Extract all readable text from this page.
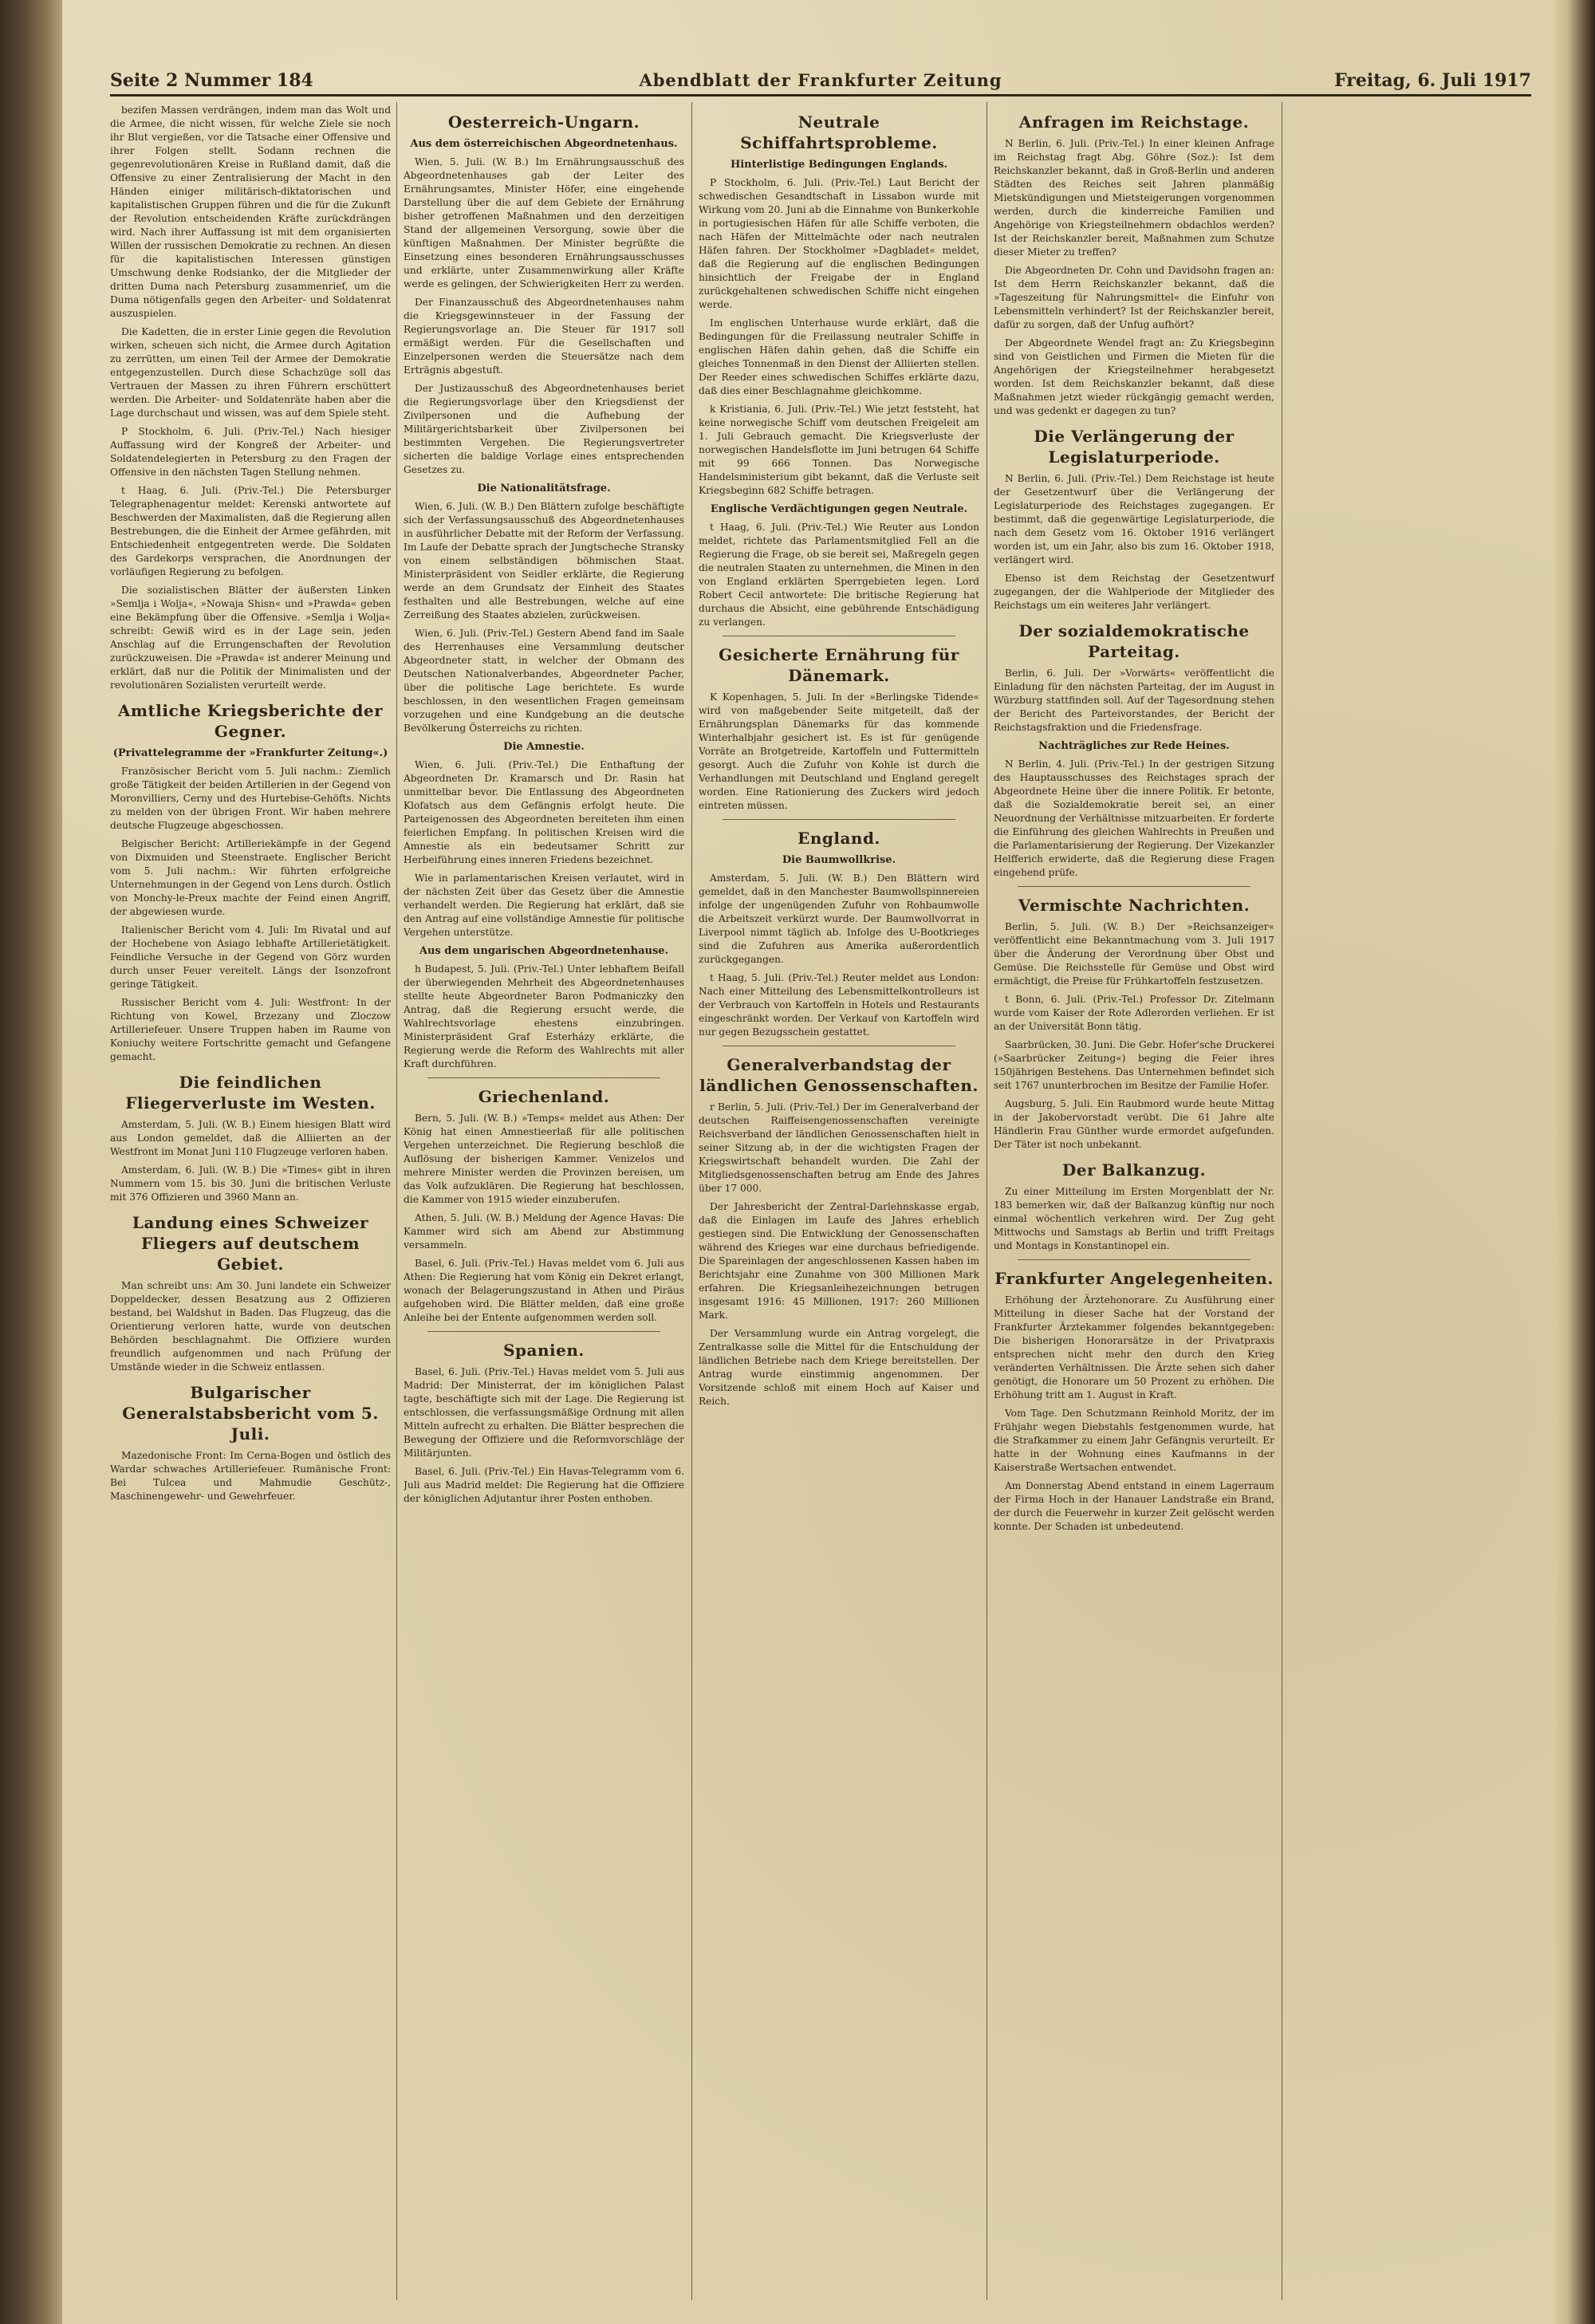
Seite 2 Nummer 184	Abendblatt der Frankfurter Zeitung	Freitag, 6. Juli 1917

bezifen Massen verdrängen, indem man das Wolt und die Armee, die nicht wissen, für welche Ziele sie noch ihr Blut vergießen, vor die Tatsache einer Offensive und ihrer Folgen stellt. Sodann rechnen die gegenrevolutionären Kreise in Rußland damit, daß die Offensive zu einer Zentralisierung der Macht in den Händen einiger militärisch-diktatorischen und kapitalistischen Gruppen führen und die für die Zukunft der Revolution entscheidenden Kräfte zurückdrängen wird. Nach ihrer Auffassung ist mit dem organisierten Willen der russischen Demokratie zu rechnen. An diesen für die kapitalistischen Interessen günstigen Umschwung denke Rodsianko, der die Mitglieder der dritten Duma nach Petersburg zusammenrief, um die Duma nötigenfalls gegen den Arbeiter- und Soldatenrat auszuspielen.

Die Kadetten, die in erster Linie gegen die Revolution wirken, scheuen sich nicht, die Armee durch Agitation zu zerrütten, um einen Teil der Armee der Demokratie entgegenzustellen. Durch diese Schachzüge soll das Vertrauen der Massen zu ihren Führern erschüttert werden. Die Arbeiter- und Soldatenräte haben aber die Lage durchschaut und wissen, was auf dem Spiele steht.

P Stockholm, 6. Juli. (Priv.-Tel.) Nach hiesiger Auffassung wird der Kongreß der Arbeiter- und Soldatendelegierten in Petersburg zu den Fragen der Offensive in den nächsten Tagen Stellung nehmen.

t Haag, 6. Juli. (Priv.-Tel.) Die Petersburger Telegraphenagentur meldet: Kerenski antwortete auf Beschwerden der Maximalisten, daß die Regierung allen Bestrebungen, die die Einheit der Armee gefährden, mit Entschiedenheit entgegentreten werde. Die Soldaten des Gardekorps versprachen, die Anordnungen der vorläufigen Regierung zu befolgen.

Die sozialistischen Blätter der äußersten Linken »Semlja i Wolja«, »Nowaja Shisn« und »Prawda« geben eine Bekämpfung über die Offensive. »Semlja i Wolja« schreibt: Gewiß wird es in der Lage sein, jeden Anschlag auf die Errungenschaften der Revolution zurückzuweisen. Die »Prawda« ist anderer Meinung und erklärt, daß nur die Politik der Minimalisten und der revolutionären Sozialisten verurteilt werde.

Amtliche Kriegsberichte der Gegner.
(Privattelegramme der »Frankfurter Zeitung«.)

Französischer Bericht vom 5. Juli nachm.: Ziemlich große Tätigkeit der beiden Artillerien in der Gegend von Moronvilliers, Cerny und des Hurtebise-Gehöfts. Nichts zu melden von der übrigen Front. Wir haben mehrere deutsche Flugzeuge abgeschossen.

Belgischer Bericht: Artilleriekämpfe in der Gegend von Dixmuiden und Steenstraete. Englischer Bericht vom 5. Juli nachm.: Wir führten erfolgreiche Unternehmungen in der Gegend von Lens durch. Östlich von Monchy-le-Preux machte der Feind einen Angriff, der abgewiesen wurde.

Italienischer Bericht vom 4. Juli: Im Rivatal und auf der Hochebene von Asiago lebhafte Artillerietätigkeit. Feindliche Versuche in der Gegend von Görz wurden durch unser Feuer vereitelt. Längs der Isonzofront geringe Tätigkeit.

Russischer Bericht vom 4. Juli: Westfront: In der Richtung von Kowel, Brzezany und Zloczow Artilleriefeuer. Unsere Truppen haben im Raume von Koniuchy weitere Fortschritte gemacht und Gefangene gemacht.

Die feindlichen Fliegerverluste im Westen.

Amsterdam, 5. Juli. (W. B.) Einem hiesigen Blatt wird aus London gemeldet, daß die Alliierten an der Westfront im Monat Juni 110 Flugzeuge verloren haben.

Amsterdam, 6. Juli. (W. B.) Die »Times« gibt in ihren Nummern vom 15. bis 30. Juni die britischen Verluste mit 376 Offizieren und 3960 Mann an.

Landung eines Schweizer Fliegers auf deutschem Gebiet.

Man schreibt uns: Am 30. Juni landete ein Schweizer Doppeldecker, dessen Besatzung aus 2 Offizieren bestand, bei Waldshut in Baden. Das Flugzeug, das die Orientierung verloren hatte, wurde von deutschen Behörden beschlagnahmt. Die Offiziere wurden freundlich aufgenommen und nach Prüfung der Umstände wieder in die Schweiz entlassen.

Bulgarischer Generalstabsbericht vom 5. Juli.

Mazedonische Front: Im Cerna-Bogen und östlich des Wardar schwaches Artilleriefeuer. Rumänische Front: Bei Tulcea und Mahmudie Geschütz-, Maschinengewehr- und Gewehrfeuer.

Oesterreich-Ungarn.
Aus dem österreichischen Abgeordnetenhaus.

Wien, 5. Juli. (W. B.) Im Ernährungsausschuß des Abgeordnetenhauses gab der Leiter des Ernährungsamtes, Minister Höfer, eine eingehende Darstellung über die auf dem Gebiete der Ernährung bisher getroffenen Maßnahmen und den derzeitigen Stand der allgemeinen Versorgung, sowie über die künftigen Maßnahmen. Der Minister begrüßte die Einsetzung eines besonderen Ernährungsausschusses und erklärte, unter Zusammenwirkung aller Kräfte werde es gelingen, der Schwierigkeiten Herr zu werden.

Der Finanzausschuß des Abgeordnetenhauses nahm die Kriegsgewinnsteuer in der Fassung der Regierungsvorlage an. Die Steuer für 1917 soll ermäßigt werden. Für die Gesellschaften und Einzelpersonen werden die Steuersätze nach dem Erträgnis abgestuft.

Der Justizausschuß des Abgeordnetenhauses beriet die Regierungsvorlage über den Kriegsdienst der Zivilpersonen und die Aufhebung der Militärgerichtsbarkeit über Zivilpersonen bei bestimmten Vergehen. Die Regierungsvertreter sicherten die baldige Vorlage eines entsprechenden Gesetzes zu.

Die Nationalitätsfrage.

Wien, 6. Juli. (W. B.) Den Blättern zufolge beschäftigte sich der Verfassungsausschuß des Abgeordnetenhauses in ausführlicher Debatte mit der Reform der Verfassung. Im Laufe der Debatte sprach der Jungtscheche Stransky von einem selbständigen böhmischen Staat. Ministerpräsident von Seidler erklärte, die Regierung werde an dem Grundsatz der Einheit des Staates festhalten und alle Bestrebungen, welche auf eine Zerreißung des Staates abzielen, zurückweisen.

Wien, 6. Juli. (Priv.-Tel.) Gestern Abend fand im Saale des Herrenhauses eine Versammlung deutscher Abgeordneter statt, in welcher der Obmann des Deutschen Nationalverbandes, Abgeordneter Pacher, über die politische Lage berichtete. Es wurde beschlossen, in den wesentlichen Fragen gemeinsam vorzugehen und eine Kundgebung an die deutsche Bevölkerung Österreichs zu richten.

Die Amnestie.

Wien, 6. Juli. (Priv.-Tel.) Die Enthaftung der Abgeordneten Dr. Kramarsch und Dr. Rasin hat unmittelbar bevor. Die Entlassung des Abgeordneten Klofatsch aus dem Gefängnis erfolgt heute. Die Parteigenossen des Abgeordneten bereiteten ihm einen feierlichen Empfang. In politischen Kreisen wird die Amnestie als ein bedeutsamer Schritt zur Herbeiführung eines inneren Friedens bezeichnet.

Wie in parlamentarischen Kreisen verlautet, wird in der nächsten Zeit über das Gesetz über die Amnestie verhandelt werden. Die Regierung hat erklärt, daß sie den Antrag auf eine vollständige Amnestie für politische Vergehen unterstütze.

Aus dem ungarischen Abgeordnetenhause.

h Budapest, 5. Juli. (Priv.-Tel.) Unter lebhaftem Beifall der überwiegenden Mehrheit des Abgeordnetenhauses stellte heute Abgeordneter Baron Podmaniczky den Antrag, daß die Regierung ersucht werde, die Wahlrechtsvorlage ehestens einzubringen. Ministerpräsident Graf Esterházy erklärte, die Regierung werde die Reform des Wahlrechts mit aller Kraft durchführen.

Griechenland.

Bern, 5. Juli. (W. B.) »Temps« meldet aus Athen: Der König hat einen Amnestieerlaß für alle politischen Vergehen unterzeichnet. Die Regierung beschloß die Auflösung der bisherigen Kammer. Venizelos und mehrere Minister werden die Provinzen bereisen, um das Volk aufzuklären. Die Regierung hat beschlossen, die Kammer von 1915 wieder einzuberufen.

Athen, 5. Juli. (W. B.) Meldung der Agence Havas: Die Kammer wird sich am Abend zur Abstimmung versammeln.

Basel, 6. Juli. (Priv.-Tel.) Havas meldet vom 6. Juli aus Athen: Die Regierung hat vom König ein Dekret erlangt, wonach der Belagerungszustand in Athen und Piräus aufgehoben wird. Die Blätter melden, daß eine große Anleihe bei der Entente aufgenommen werden soll.

Spanien.

Basel, 6. Juli. (Priv.-Tel.) Havas meldet vom 5. Juli aus Madrid: Der Ministerrat, der im königlichen Palast tagte, beschäftigte sich mit der Lage. Die Regierung ist entschlossen, die verfassungsmäßige Ordnung mit allen Mitteln aufrecht zu erhalten. Die Blätter besprechen die Bewegung der Offiziere und die Reformvorschläge der Militärjunten.

Basel, 6. Juli. (Priv.-Tel.) Ein Havas-Telegramm vom 6. Juli aus Madrid meldet: Die Regierung hat die Offiziere der königlichen Adjutantur ihrer Posten enthoben.

Neutrale Schiffahrtsprobleme.
Hinterlistige Bedingungen Englands.

P Stockholm, 6. Juli. (Priv.-Tel.) Laut Bericht der schwedischen Gesandtschaft in Lissabon wurde mit Wirkung vom 20. Juni ab die Einnahme von Bunkerkohle in portugiesischen Häfen für alle Schiffe verboten, die nach Häfen der Mittelmächte oder nach neutralen Häfen fahren. Der Stockholmer »Dagbladet« meldet, daß die Regierung auf die englischen Bedingungen hinsichtlich der Freigabe der in England zurückgehaltenen schwedischen Schiffe nicht eingehen werde.

Im englischen Unterhause wurde erklärt, daß die Bedingungen für die Freilassung neutraler Schiffe in englischen Häfen dahin gehen, daß die Schiffe ein gleiches Tonnenmaß in den Dienst der Alliierten stellen. Der Reeder eines schwedischen Schiffes erklärte dazu, daß dies einer Beschlagnahme gleichkomme.

k Kristiania, 6. Juli. (Priv.-Tel.) Wie jetzt feststeht, hat keine norwegische Schiff vom deutschen Freigeleit am 1. Juli Gebrauch gemacht. Die Kriegsverluste der norwegischen Handelsflotte im Juni betrugen 64 Schiffe mit 99 666 Tonnen. Das Norwegische Handelsministerium gibt bekannt, daß die Verluste seit Kriegsbeginn 682 Schiffe betragen.

Englische Verdächtigungen gegen Neutrale.

t Haag, 6. Juli. (Priv.-Tel.) Wie Reuter aus London meldet, richtete das Parlamentsmitglied Fell an die Regierung die Frage, ob sie bereit sei, Maßregeln gegen die neutralen Staaten zu unternehmen, die Minen in den von England erklärten Sperrgebieten legen. Lord Robert Cecil antwortete: Die britische Regierung hat durchaus die Absicht, eine gebührende Entschädigung zu verlangen.

Gesicherte Ernährung für Dänemark.

K Kopenhagen, 5. Juli. In der »Berlingske Tidende« wird von maßgebender Seite mitgeteilt, daß der Ernährungsplan Dänemarks für das kommende Winterhalbjahr gesichert ist. Es ist für genügende Vorräte an Brotgetreide, Kartoffeln und Futtermitteln gesorgt. Auch die Zufuhr von Kohle ist durch die Verhandlungen mit Deutschland und England geregelt worden. Eine Rationierung des Zuckers wird jedoch eintreten müssen.

England.
Die Baumwollkrise.

Amsterdam, 5. Juli. (W. B.) Den Blättern wird gemeldet, daß in den Manchester Baumwollspinnereien infolge der ungenügenden Zufuhr von Rohbaumwolle die Arbeitszeit verkürzt wurde. Der Baumwollvorrat in Liverpool nimmt täglich ab. Infolge des U-Bootkrieges sind die Zufuhren aus Amerika außerordentlich zurückgegangen.

t Haag, 5. Juli. (Priv.-Tel.) Reuter meldet aus London: Nach einer Mitteilung des Lebensmittelkontrolleurs ist der Verbrauch von Kartoffeln in Hotels und Restaurants eingeschränkt worden. Der Verkauf von Kartoffeln wird nur gegen Bezugsschein gestattet.

Generalverbandstag der ländlichen Genossenschaften.

r Berlin, 5. Juli. (Priv.-Tel.) Der im Generalverband der deutschen Raiffeisengenossenschaften vereinigte Reichsverband der ländlichen Genossenschaften hielt in seiner Sitzung ab, in der die wichtigsten Fragen der Kriegswirtschaft behandelt wurden. Die Zahl der Mitgliedsgenossenschaften betrug am Ende des Jahres über 17 000.

Der Jahresbericht der Zentral-Darlehnskasse ergab, daß die Einlagen im Laufe des Jahres erheblich gestiegen sind. Die Entwicklung der Genossenschaften während des Krieges war eine durchaus befriedigende. Die Spareinlagen der angeschlossenen Kassen haben im Berichtsjahr eine Zunahme von 300 Millionen Mark erfahren. Die Kriegsanleihezeichnungen betrugen insgesamt 1916: 45 Millionen, 1917: 260 Millionen Mark.

Der Versammlung wurde ein Antrag vorgelegt, die Zentralkasse solle die Mittel für die Entschuldung der ländlichen Betriebe nach dem Kriege bereitstellen. Der Antrag wurde einstimmig angenommen. Der Vorsitzende schloß mit einem Hoch auf Kaiser und Reich.

Anfragen im Reichstage.

N Berlin, 6. Juli. (Priv.-Tel.) In einer kleinen Anfrage im Reichstag fragt Abg. Göhre (Soz.): Ist dem Reichskanzler bekannt, daß in Groß-Berlin und anderen Städten des Reiches seit Jahren planmäßig Mietskündigungen und Mietsteigerungen vorgenommen werden, durch die kinderreiche Familien und Angehörige von Kriegsteilnehmern obdachlos werden? Ist der Reichskanzler bereit, Maßnahmen zum Schutze dieser Mieter zu treffen?

Die Abgeordneten Dr. Cohn und Davidsohn fragen an: Ist dem Herrn Reichskanzler bekannt, daß die »Tageszeitung für Nahrungsmittel« die Einfuhr von Lebensmitteln verhindert? Ist der Reichskanzler bereit, dafür zu sorgen, daß der Unfug aufhört?

Der Abgeordnete Wendel fragt an: Zu Kriegsbeginn sind von Geistlichen und Firmen die Mieten für die Angehörigen der Kriegsteilnehmer herabgesetzt worden. Ist dem Reichskanzler bekannt, daß diese Maßnahmen jetzt wieder rückgängig gemacht werden, und was gedenkt er dagegen zu tun?

Die Verlängerung der Legislaturperiode.

N Berlin, 6. Juli. (Priv.-Tel.) Dem Reichstage ist heute der Gesetzentwurf über die Verlängerung der Legislaturperiode des Reichstages zugegangen. Er bestimmt, daß die gegenwärtige Legislaturperiode, die nach dem Gesetz vom 16. Oktober 1916 verlängert worden ist, um ein Jahr, also bis zum 16. Oktober 1918, verlängert wird.

Ebenso ist dem Reichstag der Gesetzentwurf zugegangen, der die Wahlperiode der Mitglieder des Reichstags um ein weiteres Jahr verlängert.

Der sozialdemokratische Parteitag.

Berlin, 6. Juli. Der »Vorwärts« veröffentlicht die Einladung für den nächsten Parteitag, der im August in Würzburg stattfinden soll. Auf der Tagesordnung stehen der Bericht des Parteivorstandes, der Bericht der Reichstagsfraktion und die Friedensfrage.

Nachträgliches zur Rede Heines.

N Berlin, 4. Juli. (Priv.-Tel.) In der gestrigen Sitzung des Hauptausschusses des Reichstages sprach der Abgeordnete Heine über die innere Politik. Er betonte, daß die Sozialdemokratie bereit sei, an einer Neuordnung der Verhältnisse mitzuarbeiten. Er forderte die Einführung des gleichen Wahlrechts in Preußen und die Parlamentarisierung der Regierung. Der Vizekanzler Helfferich erwiderte, daß die Regierung diese Fragen eingehend prüfe.

Vermischte Nachrichten.

Berlin, 5. Juli. (W. B.) Der »Reichsanzeiger« veröffentlicht eine Bekanntmachung vom 3. Juli 1917 über die Änderung der Verordnung über Obst und Gemüse. Die Reichsstelle für Gemüse und Obst wird ermächtigt, die Preise für Frühkartoffeln festzusetzen.

t Bonn, 6. Juli. (Priv.-Tel.) Professor Dr. Zitelmann wurde vom Kaiser der Rote Adlerorden verliehen. Er ist an der Universität Bonn tätig.

Saarbrücken, 30. Juni. Die Gebr. Hofer'sche Druckerei (»Saarbrücker Zeitung«) beging die Feier ihres 150jährigen Bestehens. Das Unternehmen befindet sich seit 1767 ununterbrochen im Besitze der Familie Hofer.

Augsburg, 5. Juli. Ein Raubmord wurde heute Mittag in der Jakobervorstadt verübt. Die 61 Jahre alte Händlerin Frau Günther wurde ermordet aufgefunden. Der Täter ist noch unbekannt.

Der Balkanzug.

Zu einer Mitteilung im Ersten Morgenblatt der Nr. 183 bemerken wir, daß der Balkanzug künftig nur noch einmal wöchentlich verkehren wird. Der Zug geht Mittwochs und Samstags ab Berlin und trifft Freitags und Montags in Konstantinopel ein.

Frankfurter Angelegenheiten.

Erhöhung der Ärztehonorare. Zu Ausführung einer Mitteilung in dieser Sache hat der Vorstand der Frankfurter Ärztekammer folgendes bekanntgegeben: Die bisherigen Honorarsätze in der Privatpraxis entsprechen nicht mehr den durch den Krieg veränderten Verhältnissen. Die Ärzte sehen sich daher genötigt, die Honorare um 50 Prozent zu erhöhen. Die Erhöhung tritt am 1. August in Kraft.

Vom Tage. Den Schutzmann Reinhold Moritz, der im Frühjahr wegen Diebstahls festgenommen wurde, hat die Strafkammer zu einem Jahr Gefängnis verurteilt. Er hatte in der Wohnung eines Kaufmanns in der Kaiserstraße Wertsachen entwendet.

Am Donnerstag Abend entstand in einem Lagerraum der Firma Hoch in der Hanauer Landstraße ein Brand, der durch die Feuerwehr in kurzer Zeit gelöscht werden konnte. Der Schaden ist unbedeutend.
